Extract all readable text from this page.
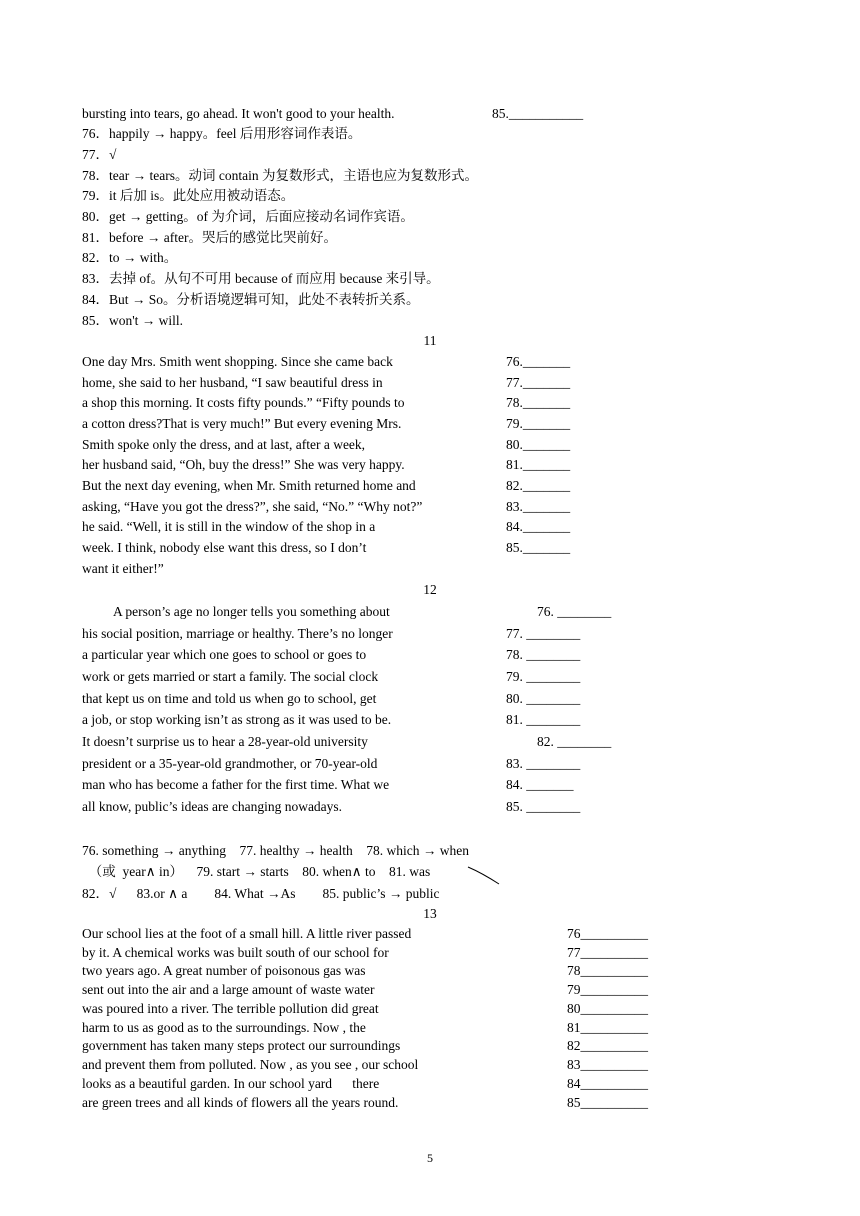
bursting into tears, go ahead. It won't good to your health.	85.___________
76．happily → happy。feel 后用形容词作表语。
77．√
78．tear → tears。动词 contain 为复数形式，主语也应为复数形式。
79．it 后加 is。此处应用被动语态。
80．get → getting。of 为介词，后面应接动名词作宾语。
81．before → after。哭后的感觉比哭前好。
82．to → with。
83．去掉 of。从句不可用 because of 而应用 because 来引导。
84．But → So。分析语境逻辑可知，此处不表转折关系。
85．won't → will.
11
One day Mrs. Smith went shopping. Since she came back
home, she said to her husband, “I saw beautiful dress in
a shop this morning. It costs fifty pounds.” “Fifty pounds to
a cotton dress?That is very much!” But every evening Mrs.
Smith spoke only the dress, and at last, after a week,
her husband said, “Oh, buy the dress!” She was very happy.
But the next day evening, when Mr. Smith returned home and
asking, “Have you got the dress?”, she said, “No.” “Why not?”
he said. “Well, it is still in the window of the shop in a
week. I think, nobody else want this dress, so I don’t
want it either!”
76._______
77._______
78._______
79._______
80._______
81._______
82._______
83._______
84._______
85._______
12
A person’s age no longer tells you something about
his social position, marriage or healthy. There’s no longer
a particular year which one goes to school or goes to
work or gets married or start a family. The social clock
that kept us on time and told us when go to school, get
a job, or stop working isn’t as strong as it was used to be.
It doesn’t surprise us to hear a 28-year-old university
president or a 35-year-old grandmother, or 70-year-old
man who has become a father for the first time. What we
all know, public’s ideas are changing nowadays.
76. ________
77. ________
78. ________
79. ________
80. ________
81. ________
82. ________
83. ________
84. _______
85. ________
76. something → anything    77. healthy → health    78. which → when
（或  year∧ in）    79. start → starts    80. when∧ to    81. was
82．√      83.or ∧ a        84. What →As        85. public’s → public
13
Our school lies at the foot of a small hill. A little river passed
by it. A chemical works was built south of our school for
two years ago. A great number of poisonous gas was
sent out into the air and a large amount of waste water
was poured into a river. The terrible pollution did great
harm to us as good as to the surroundings. Now , the
government has taken many steps protect our surroundings
and prevent them from polluted. Now , as you see , our school
looks as a beautiful garden. In our school yard      there
are green trees and all kinds of flowers all the years round.
76__________
77__________
78__________
79__________
80__________
81__________
82__________
83__________
84__________
85__________
5
